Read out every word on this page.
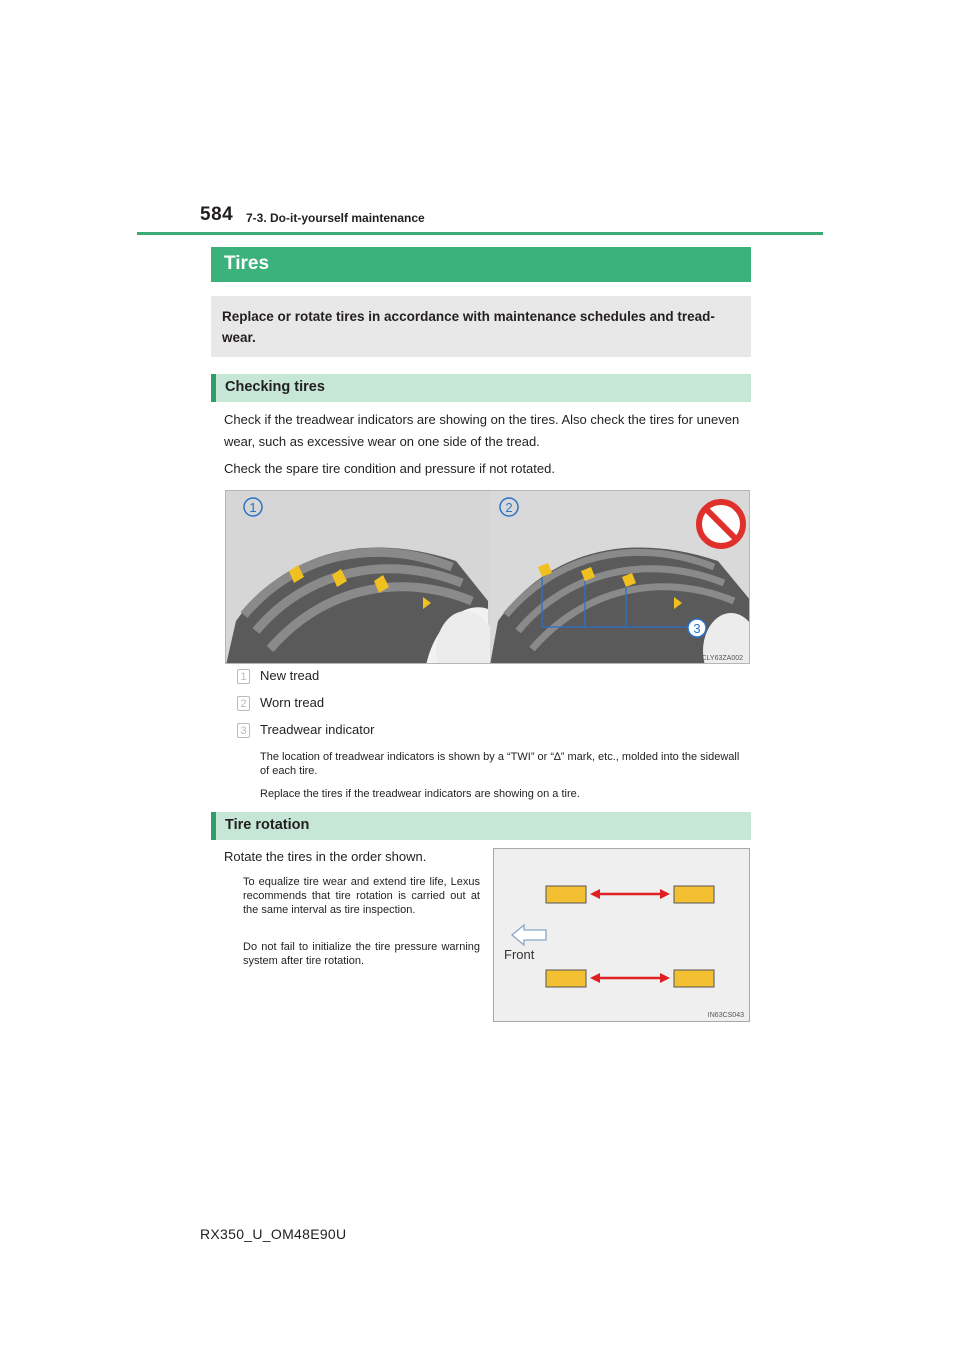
584 7-3. Do-it-yourself maintenance
Tires
Replace or rotate tires in accordance with maintenance schedules and tread-wear.
Checking tires
Check if the treadwear indicators are showing on the tires. Also check the tires for uneven wear, such as excessive wear on one side of the tread.
Check the spare tire condition and pressure if not rotated.
1
3
2
CLY63ZA002
1 New tread
2 Worn tread
3 Treadwear indicator
The location of treadwear indicators is shown by a “TWI” or “∆” mark, etc., molded into the sidewall of each tire.
Replace the tires if the treadwear indicators are showing on a tire.
Tire rotation
Rotate the tires in the order shown.
To equalize tire wear and extend tire life, Lexus recommends that tire rotation is carried out at the same interval as tire inspection.
Do not fail to initialize the tire pressure warning system after tire rotation.	Front
IN63CS043
RX350_U_OM48E90U
